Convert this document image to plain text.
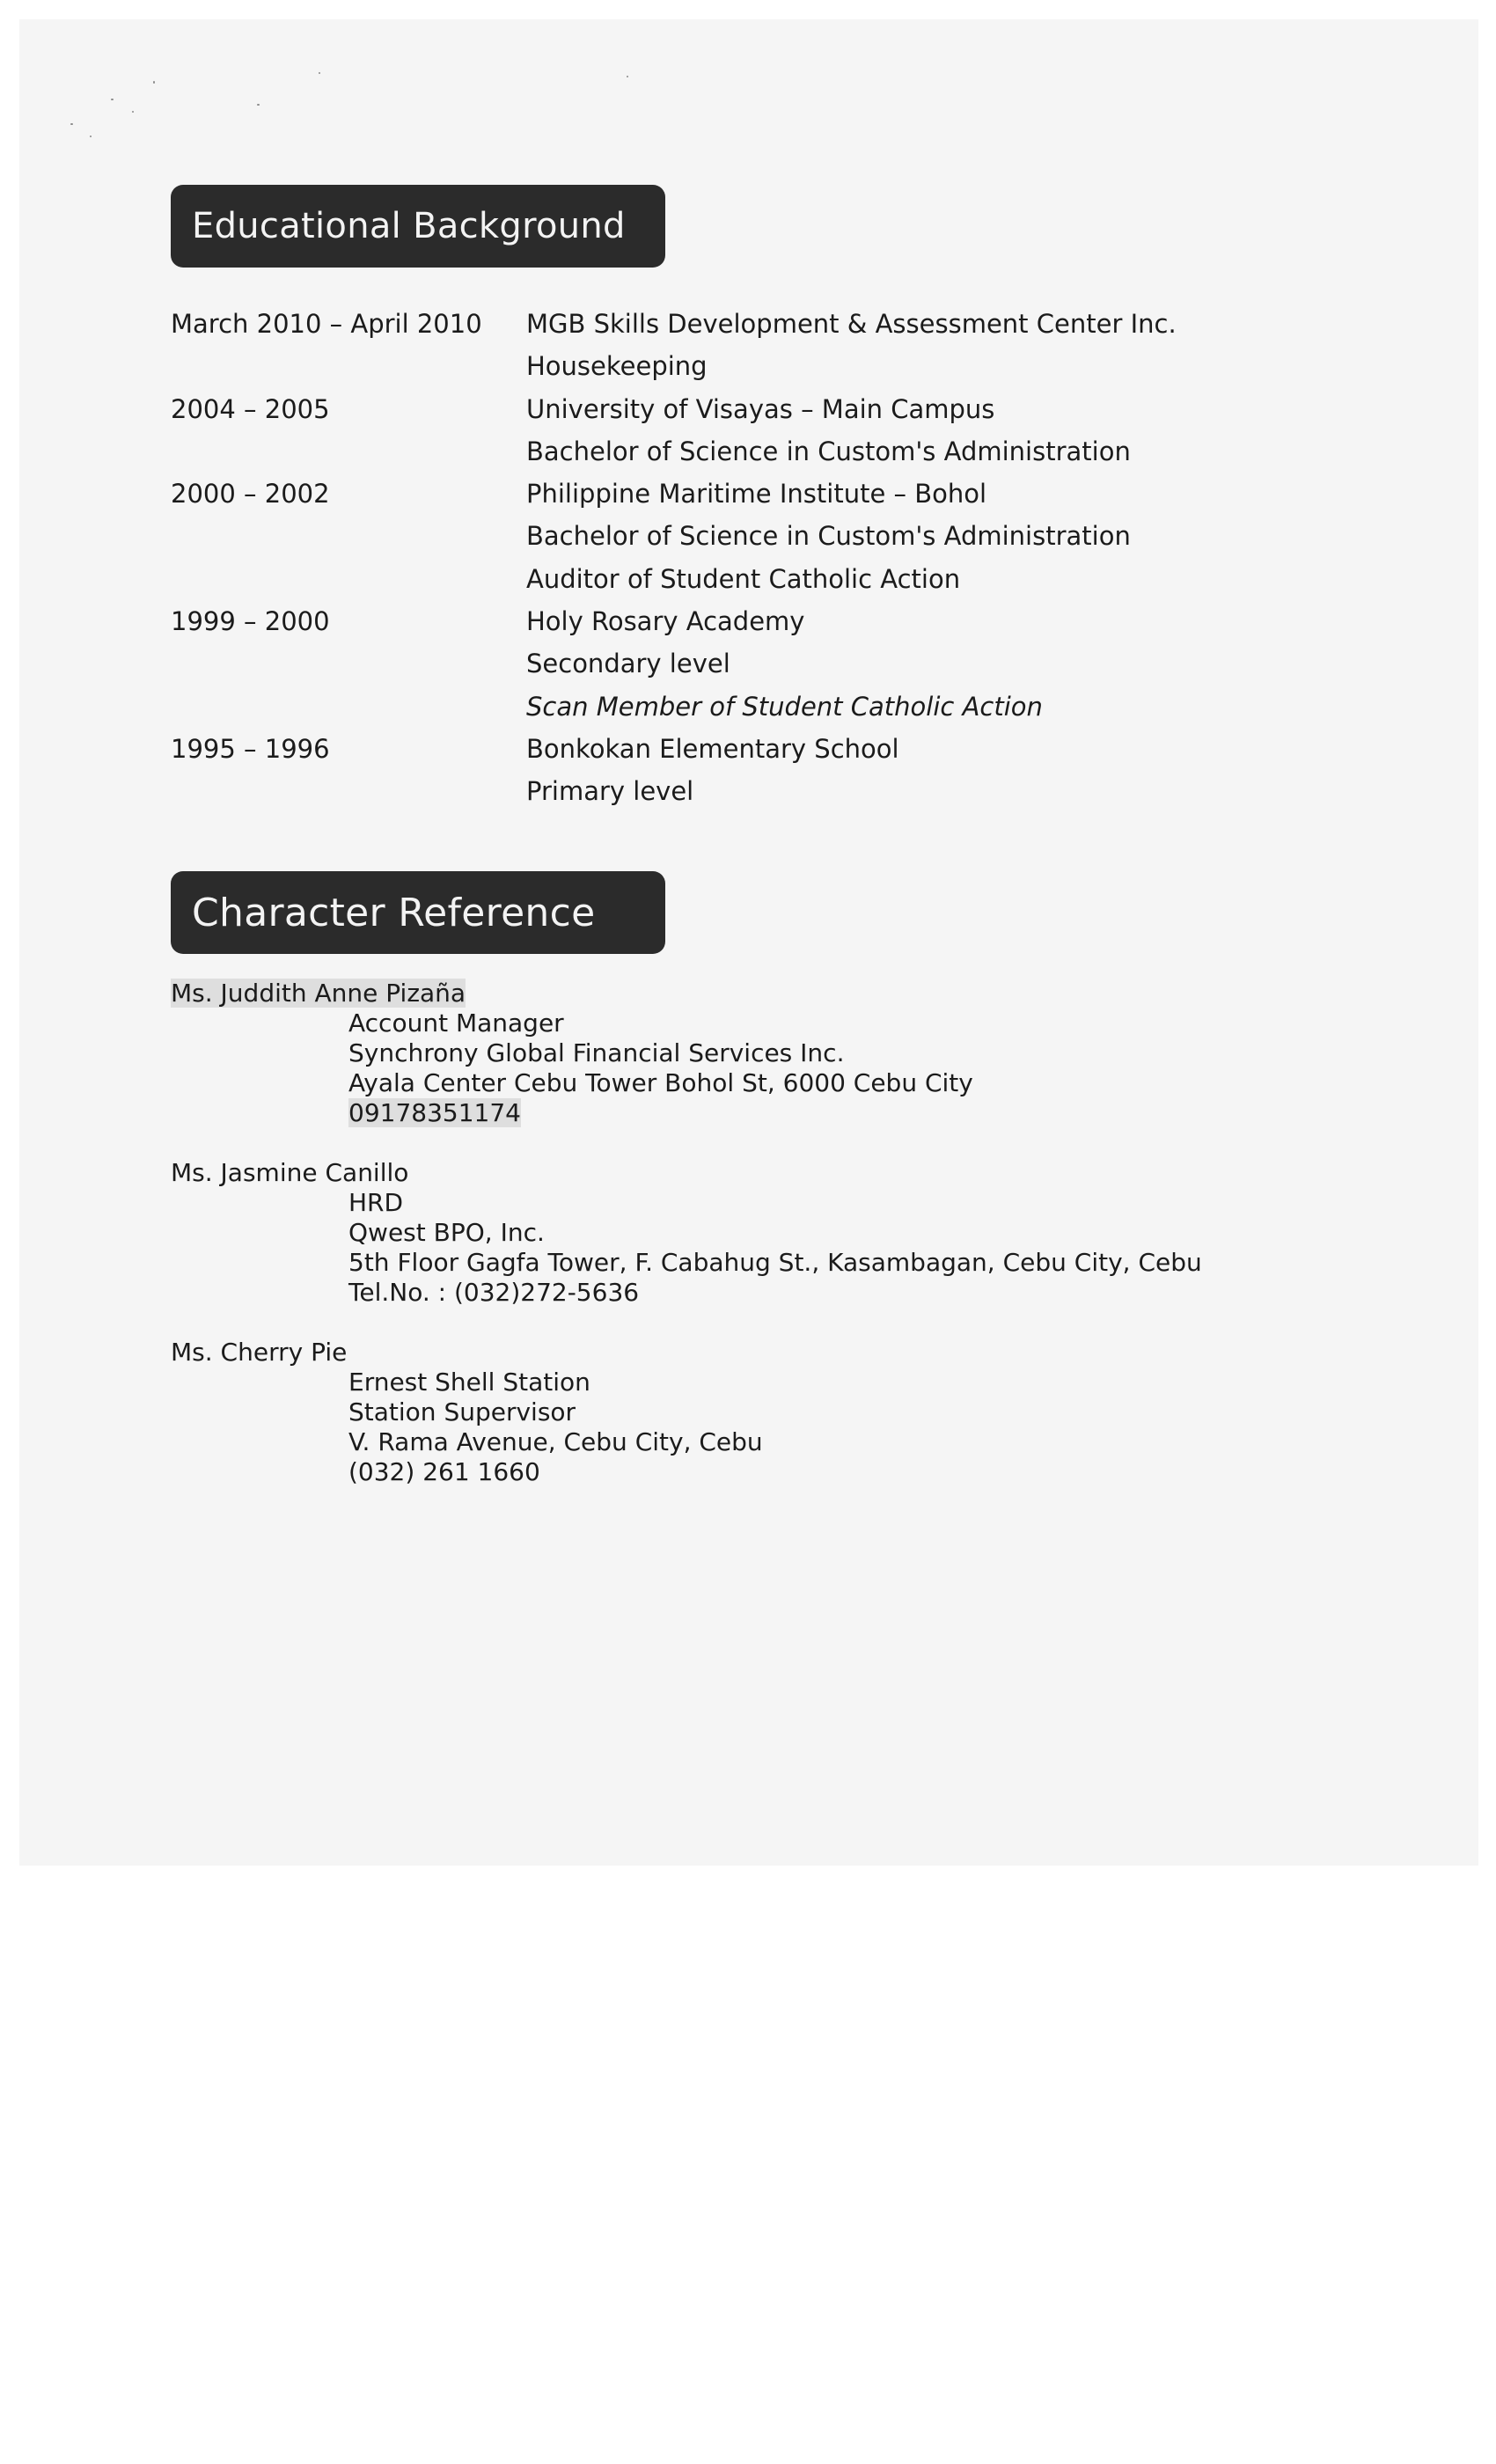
Educational Background
March 2010 – April 2010	MGB Skills Development & Assessment Center Inc.
Housekeeping
2004 – 2005	University of Visayas – Main Campus
Bachelor of Science in Custom's Administration
2000 – 2002	Philippine Maritime Institute – Bohol
Bachelor of Science in Custom's Administration
Auditor of Student Catholic Action
1999 – 2000	Holy Rosary Academy
Secondary level
Scan Member of Student Catholic Action
1995 – 1996	Bonkokan Elementary School
Primary level
Character Reference
Ms. Juddith Anne Pizaña
Account Manager
Synchrony Global Financial Services Inc.
Ayala Center Cebu Tower Bohol St, 6000 Cebu City
09178351174
Ms. Jasmine Canillo
HRD
Qwest BPO, Inc.
5th Floor Gagfa Tower, F. Cabahug St., Kasambagan, Cebu City, Cebu
Tel.No. : (032)272-5636
Ms. Cherry Pie
Ernest Shell Station
Station Supervisor
V. Rama Avenue, Cebu City, Cebu
(032) 261 1660
